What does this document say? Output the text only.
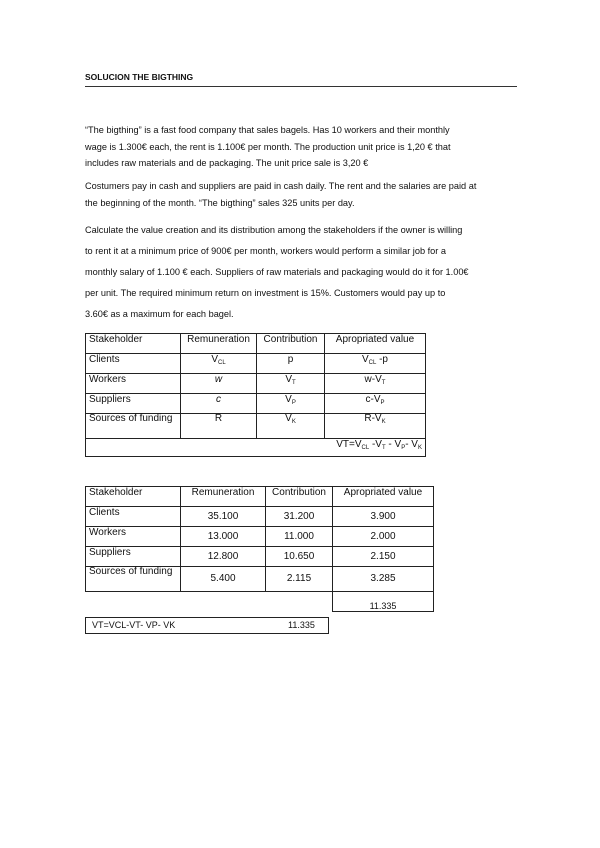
SOLUCION THE BIGTHING

“The bigthing” is a fast food company that sales bagels. Has 10 workers and their monthly
wage is 1.300€ each, the rent is 1.100€ per month. The production unit price is 1,20 € that
includes raw materials and de packaging. The unit price sale is 3,20 €

Costumers pay in cash and suppliers are paid in cash daily. The rent and the salaries are paid at
the beginning of the month. “The bigthing” sales 325 units per day.

Calculate the value creation and its distribution among the stakeholders if the owner is willing
to rent it at a minimum price of 900€ per month, workers would perform a similar job for a
monthly salary of 1.100 € each. Suppliers of raw materials and packaging would do it for 1.00€
per unit. The required minimum return on investment is 15%. Customers would pay up to
3.60€ as a maximum for each bagel.

Stakeholder	Remuneration	Contribution	Apropriated value
Clients	$V_{CL}$	p	$V_{CL}$ -p
Workers	w	$V_T$	$w-V_T$
Suppliers	c	$V_P$	$c-V_P$
Sources of funding	R	$V_K$	$R-V_K$
$VT=V_{CL}$ $-V_T - V_P-$ $V_K$
Stakeholder	Remuneration	Contribution	Apropriated value
Clients	35.100	31.200	3.900
Workers	13.000	11.000	2.000
Suppliers	12.800	10.650	2.150
Sources of funding	5.400	2.115	3.285
			11.335
VT=VCL-VT- VP- VK	11.335
